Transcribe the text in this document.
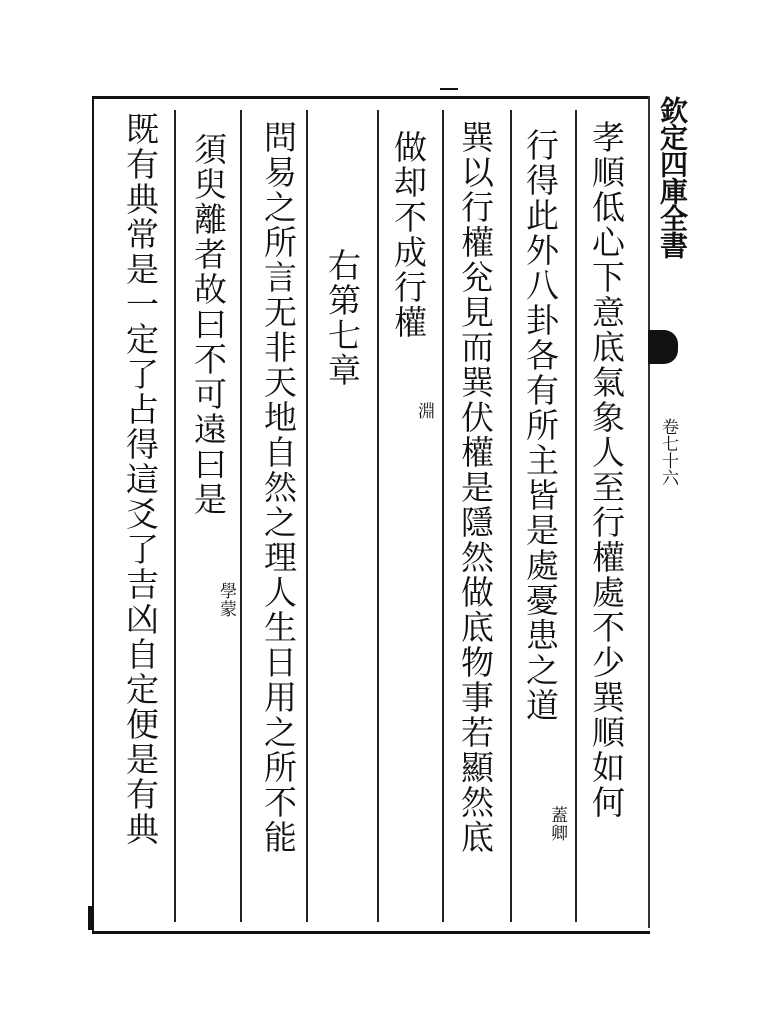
欽定四庫全書
卷七十六
孝順低心下意底氣象人至行權處不少巽順如何
行得此外八卦各有所主皆是處憂患之道
蓋卿
巽以行權兊見而巽伏權是隱然做底物事若顯然底
做却不成行權
淵
右第七章
問易之所言无非天地自然之理人生日用之所不能
須臾離者故曰不可遠曰是
學蒙
既有典常是一定了占得這爻了吉凶自定便是有典
